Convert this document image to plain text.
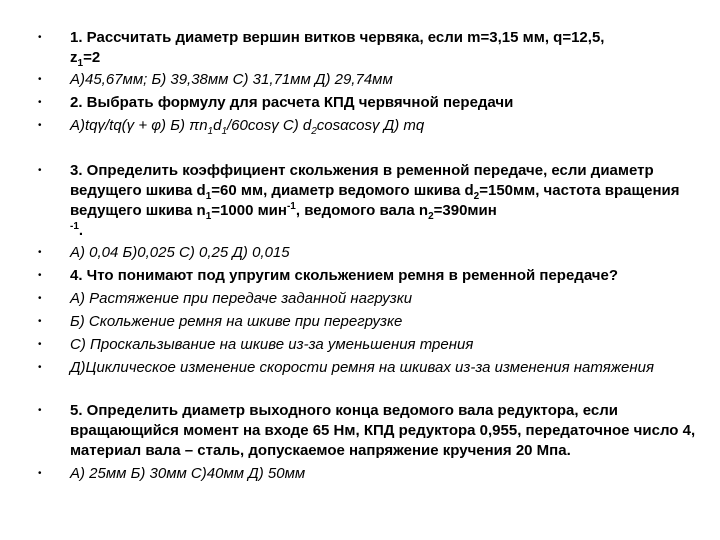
• 1. Рассчитать диаметр вершин витков червяка, если m=3,15 мм, q=12,5,
$z_1=2$
• А)45,67мм; Б) 39,38мм С) 31,71мм Д) 29,74мм
• 2. Выбрать формулу для расчета КПД червячной передачи
• А)tqγ/tq(γ + φ) Б) $\pi n_1d_1/60\cos\gamma$ С) $d_2\cos\alpha\cos\gamma$ Д) mq
• 3. Определить коэффициент скольжения в ременной передаче, если диаметр ведущего шкива $d_1=60$ мм, диаметр ведомого шкива $d_2=150мм$, частота вращения ведущего шкива $n_1=1000$ мин$^{-1}$, ведомого вала $n_2=390мин$
$^{-1}$.
• А) 0,04 Б)0,025 С) 0,25 Д) 0,015
• 4. Что понимают под упругим скольжением ремня в ременной передаче?
• А) Растяжение при передаче заданной нагрузки
• Б) Скольжение ремня на шкиве при перегрузке
• С) Проскальзывание на шкиве из-за уменьшения трения
• Д)Циклическое изменение скорости ремня на шкивах из-за изменения натяжения
• 5. Определить диаметр выходного конца ведомого вала редуктора, если вращающийся момент на входе 65 Нм, КПД редуктора 0,955, передаточное число 4, материал вала – сталь, допускаемое напряжение кручения 20 Мпа.
• А) 25мм Б) 30мм С)40мм Д) 50мм
